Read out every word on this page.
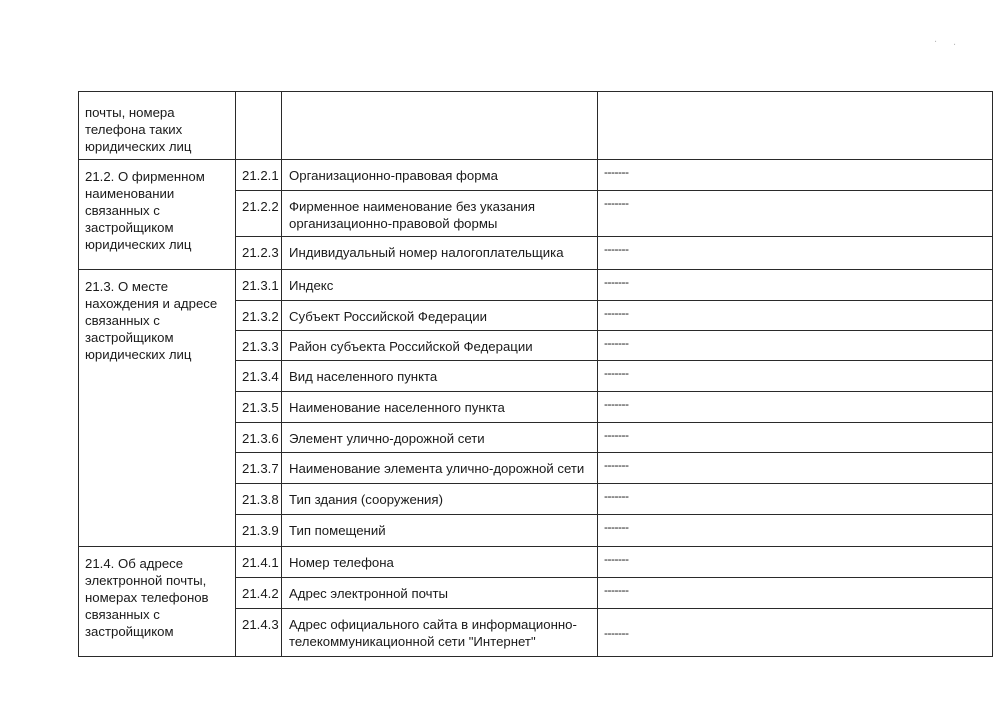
. .
почты, номера телефона таких юридических лиц			

21.2. О фирменном наименовании связанных с застройщиком юридических лиц	21.2.1	Организационно-правовая форма	-------

	21.2.2	Фирменное наименование без указания организационно-правовой формы	-------

	21.2.3	Индивидуальный номер налогоплательщика	-------

21.3. О месте нахождения и адресе связанных с застройщиком юридических лиц	21.3.1	Индекс	-------

	21.3.2	Субъект Российской Федерации	-------

	21.3.3	Район субъекта Российской Федерации	-------

	21.3.4	Вид населенного пункта	-------

	21.3.5	Наименование населенного пункта	-------

	21.3.6	Элемент улично-дорожной сети	-------

	21.3.7	Наименование элемента улично-дорожной сети	-------

	21.3.8	Тип здания (сооружения)	-------

	21.3.9	Тип помещений	-------

21.4. Об адресе электронной почты, номерах телефонов связанных с застройщиком	21.4.1	Номер телефона	-------

	21.4.2	Адрес электронной почты	-------

	21.4.3	Адрес официального сайта в информационно-телекоммуникационной сети "Интернет"	-------
